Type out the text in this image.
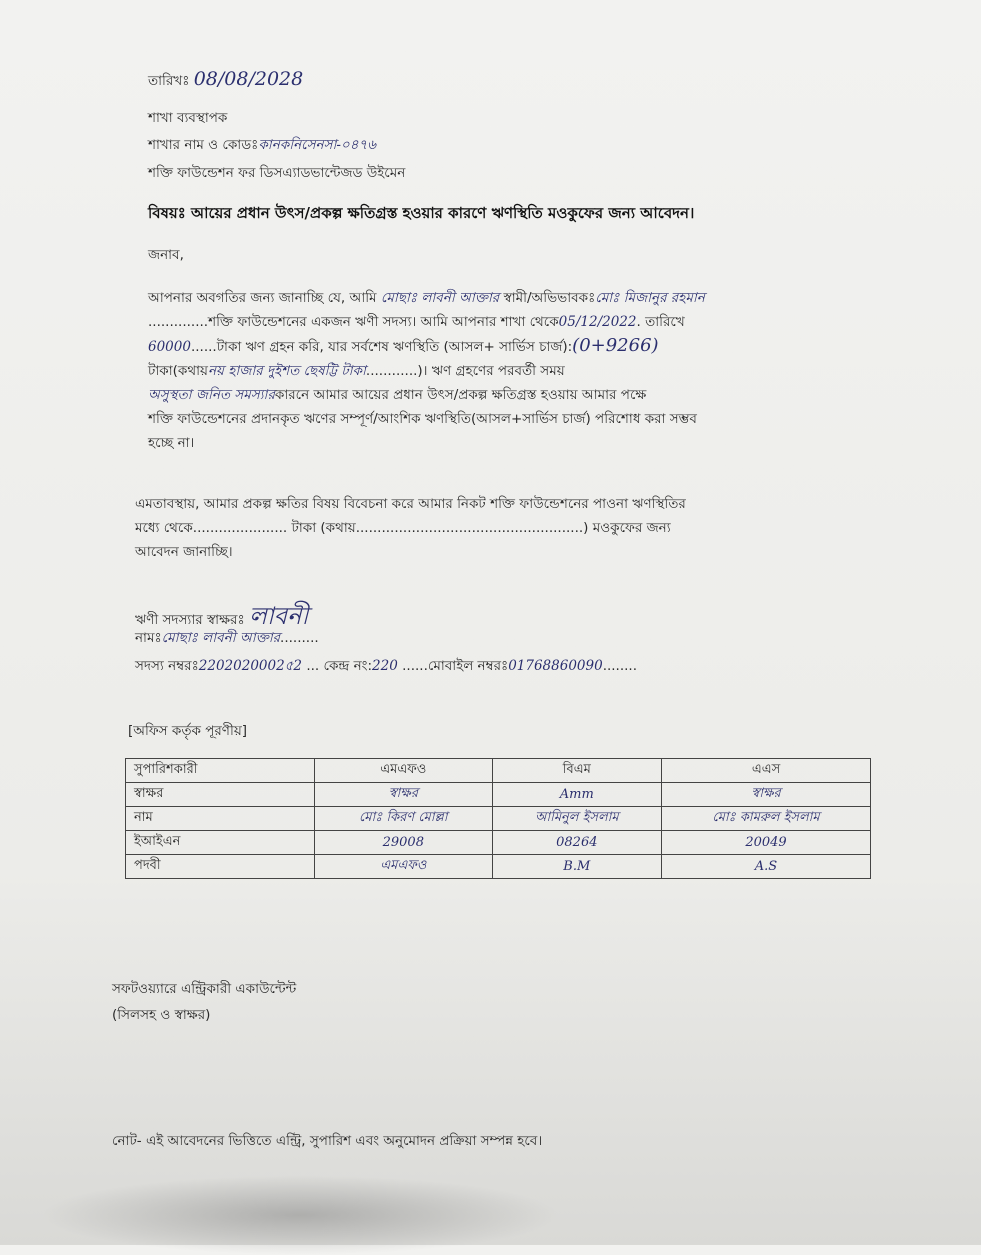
তারিখঃ 08/08/2028
শাখা ব্যবস্থাপক
শাখার নাম ও কোডঃকানকনিসেনসা-০৪৭৬
শক্তি ফাউন্ডেশন ফর ডিসএ্যাডভান্টেজড উইমেন
বিষয়ঃ আয়ের প্রধান উৎস/প্রকল্প ক্ষতিগ্রস্ত হওয়ার কারণে ঋণস্থিতি মওকুফের জন্য আবেদন।
জনাব,
আপনার অবগতির জন্য জানাচ্ছি যে, আমি মোছাঃ লাবনী আক্তার স্বামী/অভিভাবকঃমোঃ মিজানুর রহমান
..............শক্তি ফাউন্ডেশনের একজন ঋণী সদস্য। আমি আপনার শাখা থেকে05/12/2022. তারিখে
60000......টাকা ঋণ গ্রহন করি, যার সর্বশেষ ঋণস্থিতি (আসল+ সার্ভিস চার্জ):(0+9266)
টাকা(কথায়নয় হাজার দুইশত ছেষট্টি টাকা............)। ঋণ গ্রহণের পরবর্তী সময়
অসুস্থতা জনিত সমস্যারকারনে আমার আয়ের প্রধান উৎস/প্রকল্প ক্ষতিগ্রস্ত হওয়ায় আমার পক্ষে
শক্তি ফাউন্ডেশনের প্রদানকৃত ঋণের সম্পূর্ণ/আংশিক ঋণস্থিতি(আসল+সার্ভিস চার্জ) পরিশোধ করা সম্ভব
হচ্ছে না।
এমতাবস্থায়, আমার প্রকল্প ক্ষতির বিষয় বিবেচনা করে আমার নিকট শক্তি ফাউন্ডেশনের পাওনা ঋণস্থিতির
মধ্যে থেকে...................... টাকা (কথায়.....................................................) মওকুফের জন্য
আবেদন জানাচ্ছি।
ঋণী সদস্যার স্বাক্ষরঃ লাবনী
নামঃমোছাঃ লাবনী আক্তার.........
সদস্য নম্বরঃ2202020002৫2 ... কেন্দ্র নং:220 ......মোবাইল নম্বরঃ01768860090........
[অফিস কর্তৃক পূরণীয়]
সুপারিশকারী	এমএফও	বিএম	এএস
স্বাক্ষর	স্বাক্ষর	Amm	স্বাক্ষর
নাম	মোঃ কিরণ মোল্লা	আমিনুল ইসলাম	মোঃ কামরুল ইসলাম
ইআইএন	29008	08264	20049
পদবী	এমএফও	B.M	A.S
সফটওয়্যারে এন্ট্রিকারী একাউন্টেন্ট
(সিলসহ ও স্বাক্ষর)
নোট- এই আবেদনের ভিত্তিতে এন্ট্রি, সুপারিশ এবং অনুমোদন প্রক্রিয়া সম্পন্ন হবে।
